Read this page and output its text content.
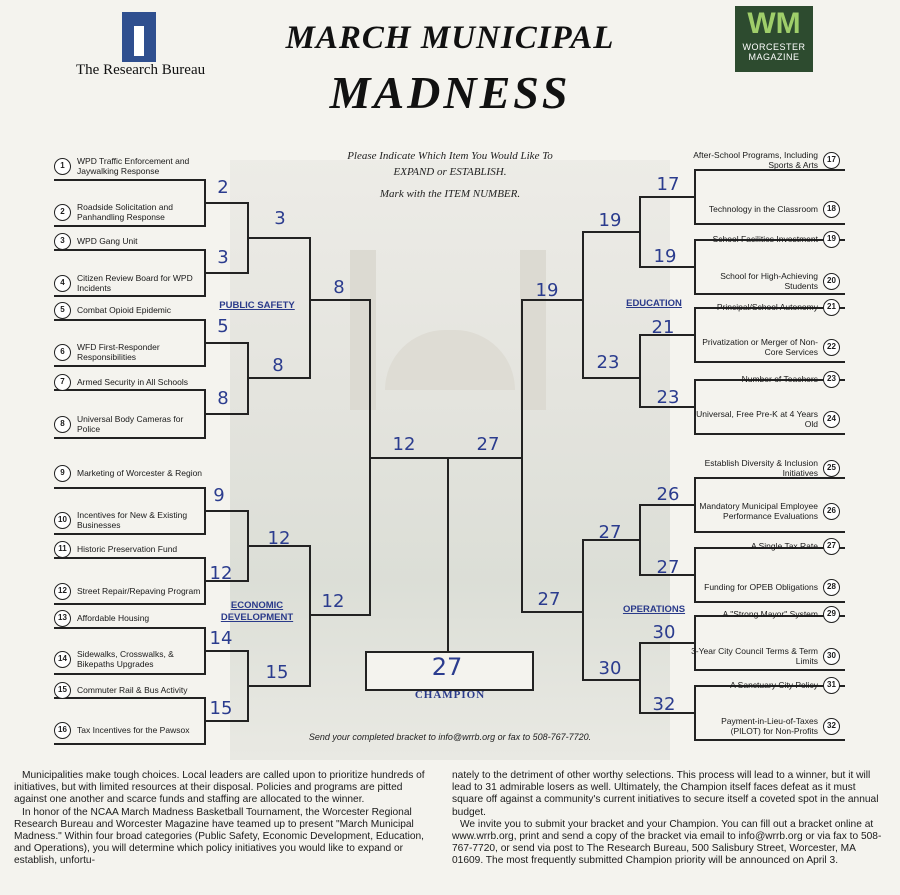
The Research Bureau
WM
WORCESTER MAGAZINE
MARCH MUNICIPAL
MADNESS
Please Indicate Which Item You Would Like To EXPAND or ESTABLISH.
Mark with the ITEM NUMBER.
1	WPD Traffic Enforcement and Jaywalking Response
2	Roadside Solicitation and Panhandling Response
3	WPD Gang Unit
4	Citizen Review Board for WPD Incidents
5	Combat Opioid Epidemic
6	WFD First-Responder Responsibilities
7	Armed Security in All Schools
8	Universal Body Cameras for Police
9	Marketing of Worcester & Region
10	Incentives for New & Existing Businesses
11	Historic Preservation Fund
12	Street Repair/Repaving Program
13	Affordable Housing
14	Sidewalks, Crosswalks, & Bikepaths Upgrades
15	Commuter Rail & Bus Activity
16	Tax Incentives for the Pawsox
17
After-School Programs, Including Sports & Arts
18
Technology in the Classroom
19
School Facilities Investment
20
School for High-Achieving Students
21
Principal/School Autonomy
22
Privatization or Merger of Non-Core Services
23
Number of Teachers
24
Universal, Free Pre-K at 4 Years Old
25
Establish Diversity & Inclusion Initiatives
26
Mandatory Municipal Employee Performance Evaluations
27
A Single Tax Rate
28
Funding for OPEB Obligations
29
A "Strong Mayor" System
30
3-Year City Council Terms & Term Limits
31
A Sanctuary City Policy
32
Payment-in-Lieu-of-Taxes (PILOT) for Non-Profits
PUBLIC SAFETY
ECONOMIC
DEVELOPMENT
EDUCATION
OPERATIONS
2
3
5
8
9
12
14
15
17
19
21
23
26
27
30
32
3
8
12
15
19
23
27
30
8
12
19
27
12	27
27
CHAMPION
Send your completed bracket to info@wrrb.org or fax to 508-767-7720.

Municipalities make tough choices. Local leaders are called upon to prioritize hundreds of initiatives, but with limited resources at their disposal. Policies and programs are pitted against one another and scarce funds and staffing are allocated to the winner.

In honor of the NCAA March Madness Basketball Tournament, the Worcester Regional Research Bureau and Worcester Magazine have teamed up to present "March Municipal Madness." Within four broad categories (Public Safety, Economic Development, Education, and Operations), you will determine which policy initiatives you would like to expand or establish, unfortu-

nately to the detriment of other worthy selections. This process will lead to a winner, but it will lead to 31 admirable losers as well. Ultimately, the Champion itself faces defeat as it must square off against a community's current initiatives to secure itself a coveted spot in the annual budget.

We invite you to submit your bracket and your Champion. You can fill out a bracket online at www.wrrb.org, print and send a copy of the bracket via email to info@wrrb.org or via fax to 508-767-7720, or send via post to The Research Bureau, 500 Salisbury Street, Worcester, MA 01609. The most frequently submitted Champion priority will be announced on April 3.
